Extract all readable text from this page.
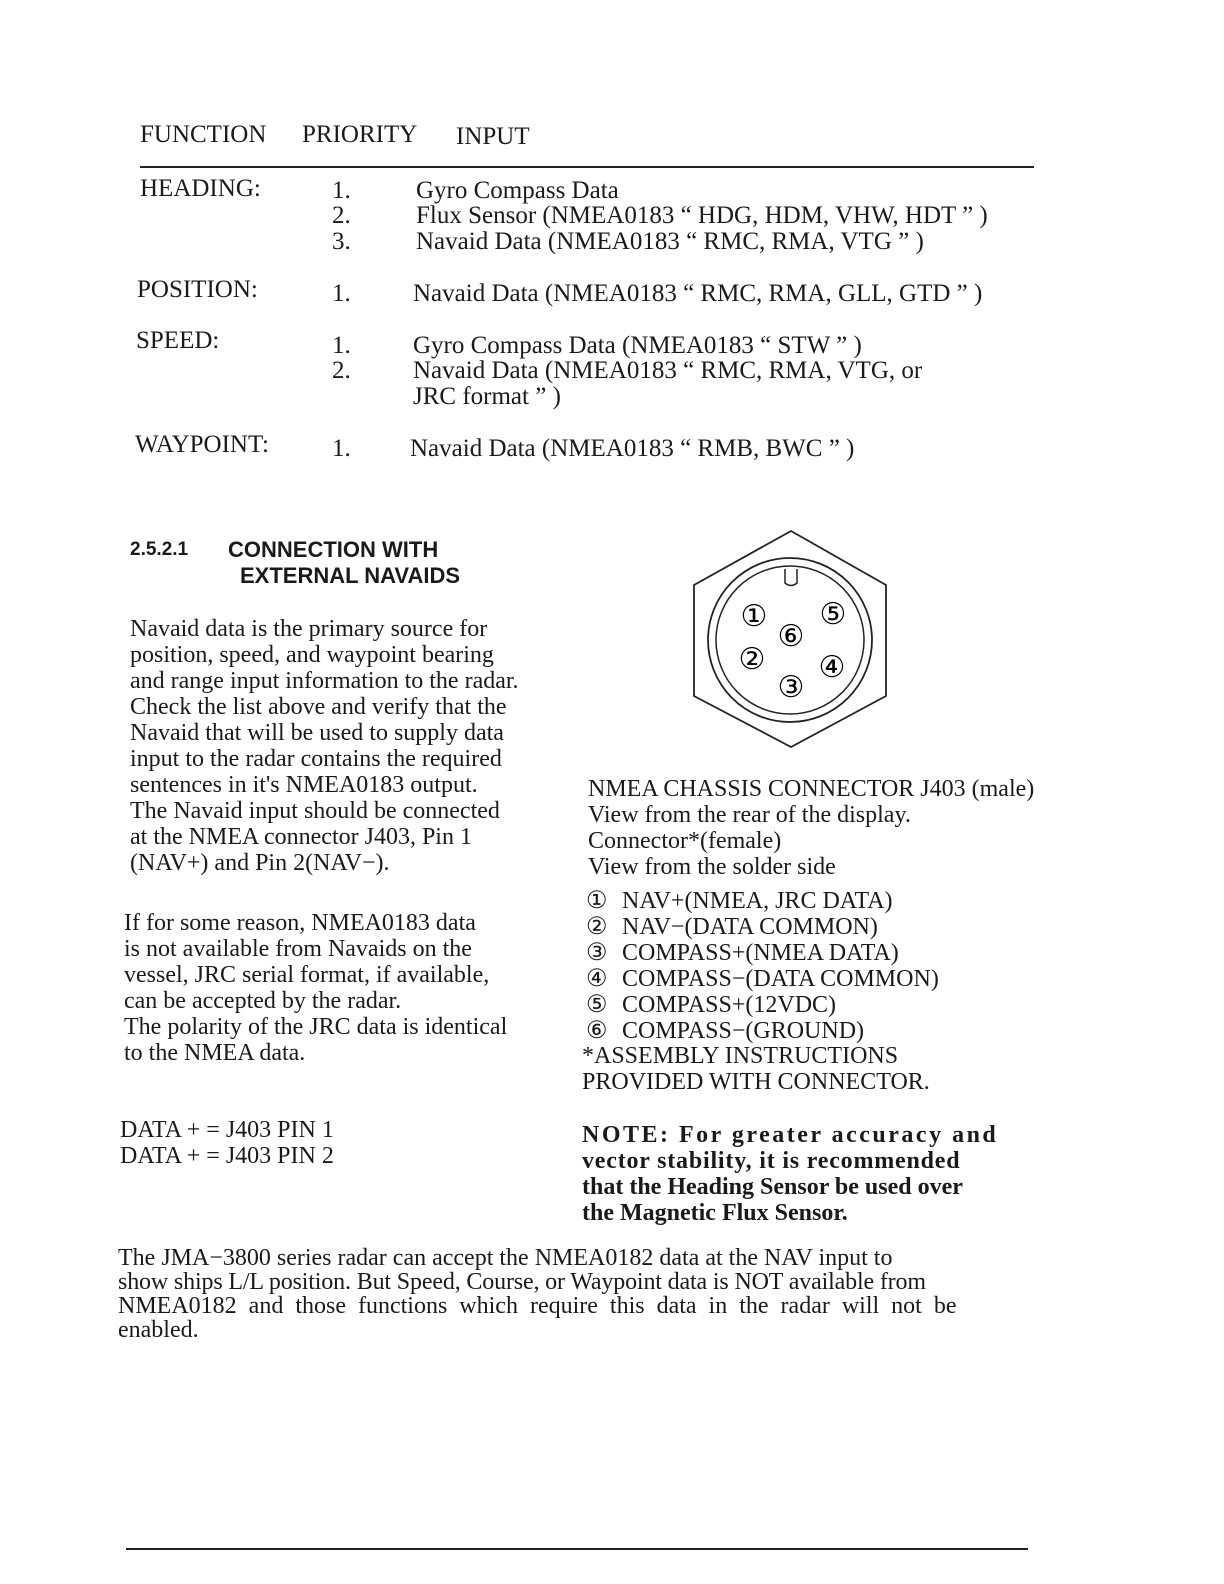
FUNCTION PRIORITY INPUT
HEADING:	1.	Gyro Compass Data
2.	Flux Sensor (NMEA0183 “ HDG, HDM, VHW, HDT ” )
3.	Navaid Data (NMEA0183 “ RMC, RMA, VTG ” )
POSITION:	1. Navaid Data (NMEA0183 “ RMC, RMA, GLL, GTD ” )
SPEED:	1. Gyro Compass Data (NMEA0183 “ STW ” )
2. Navaid Data (NMEA0183 “ RMC, RMA, VTG, or
JRC format ” )
WAYPOINT:	1. Navaid Data (NMEA0183 “ RMB, BWC ” )
2.5.2.1 CONNECTION WITH
EXTERNAL NAVAIDS
Navaid data is the primary source for
position, speed, and waypoint bearing
and range input information to the radar.
Check the list above and verify that the
Navaid that will be used to supply data
input to the radar contains the required
sentences in it's NMEA0183 output.
The Navaid input should be connected
at the NMEA connector J403, Pin 1
(NAV+) and Pin 2(NAV−).
If for some reason, NMEA0183 data
is not available from Navaids on the
vessel, JRC serial format, if available,
can be accepted by the radar.
The polarity of the JRC data is identical
to the NMEA data.
DATA + = J403 PIN 1
DATA + = J403 PIN 2
①
②
③
④
⑤
⑥
NMEA CHASSIS CONNECTOR J403 (male)
View from the rear of the display.
Connector*(female)
View from the solder side
① NAV+(NMEA, JRC DATA)
② NAV−(DATA COMMON)
③ COMPASS+(NMEA DATA)
④ COMPASS−(DATA COMMON)
⑤ COMPASS+(12VDC)
⑥ COMPASS−(GROUND)
*ASSEMBLY INSTRUCTIONS
PROVIDED WITH CONNECTOR.
NOTE: For greater accuracy and
vector stability, it is recommended
that the Heading Sensor be used over
the Magnetic Flux Sensor.
The JMA−3800 series radar can accept the NMEA0182 data at the NAV input to
show ships L/L position. But Speed, Course, or Waypoint data is NOT available from
NMEA0182 and those functions which require this data in the radar will not be
enabled.
